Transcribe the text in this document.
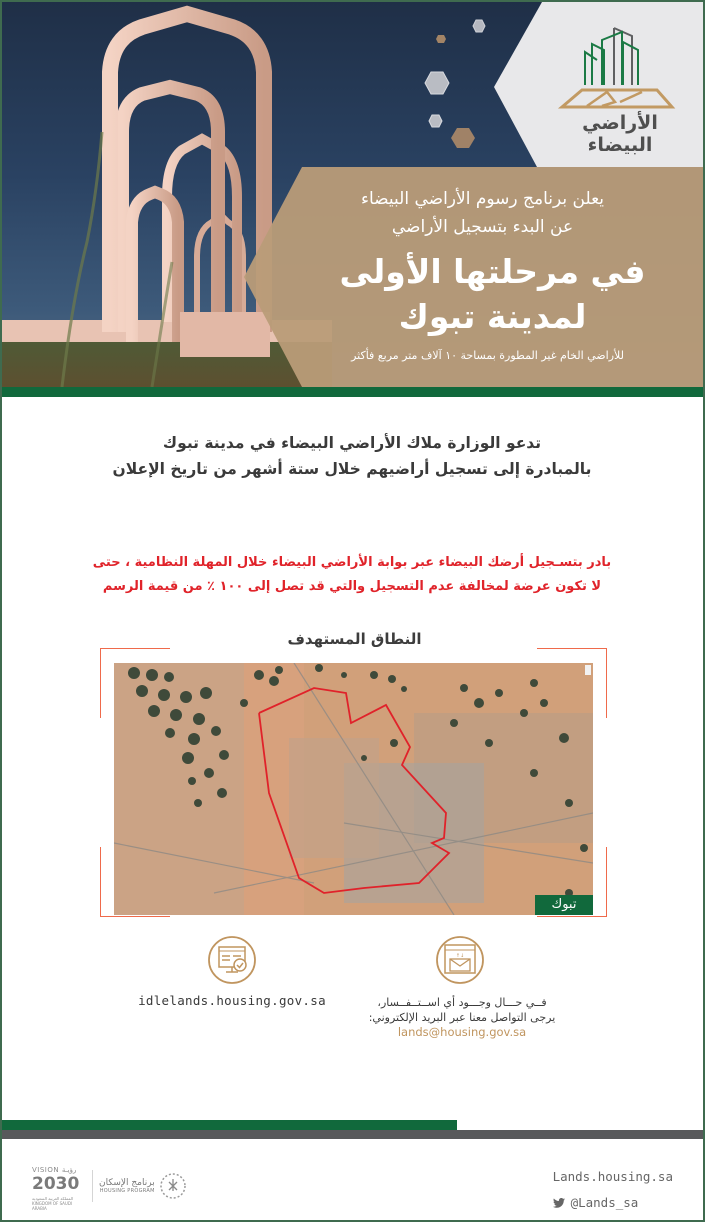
الأراضي البيضاء
يعلن برنامج رسوم الأراضي البيضاء
عن البدء بتسجيل الأراضي
في مرحلتها الأولى
لمدينة تبوك
للأراضي الخام غير المطورة بمساحة ١٠ آلاف متر مربع فأكثر
تدعو الوزارة ملاك الأراضي البيضاء في مدينة تبوك
بالمبادرة إلى تسجيل أراضيهم خلال ستة أشهر من تاريخ الإعلان
بادر بتسـجيل أرضك البيضاء عبر بوابة الأراضي البيضاء خلال المهلة النظامية ، حتى
لا تكون عرضة لمخالفة عدم التسجيل والتي قد تصل إلى ١٠٠ ٪ من قيمة الرسم
النطاق المستهدف
تبوك
idlelands.housing.gov.sa
↑↓
فــي حـــال وجـــود أي اســتــفــسار،
يرجى التواصل معنا عبر البريد الإلكتروني:
lands@housing.gov.sa
VISION رؤيـة
2030
المملكة العربية السعودية KINGDOM OF SAUDI ARABIA
برنامج الإسكان
HOUSING PROGRAM
Lands.housing.sa
@Lands_sa
